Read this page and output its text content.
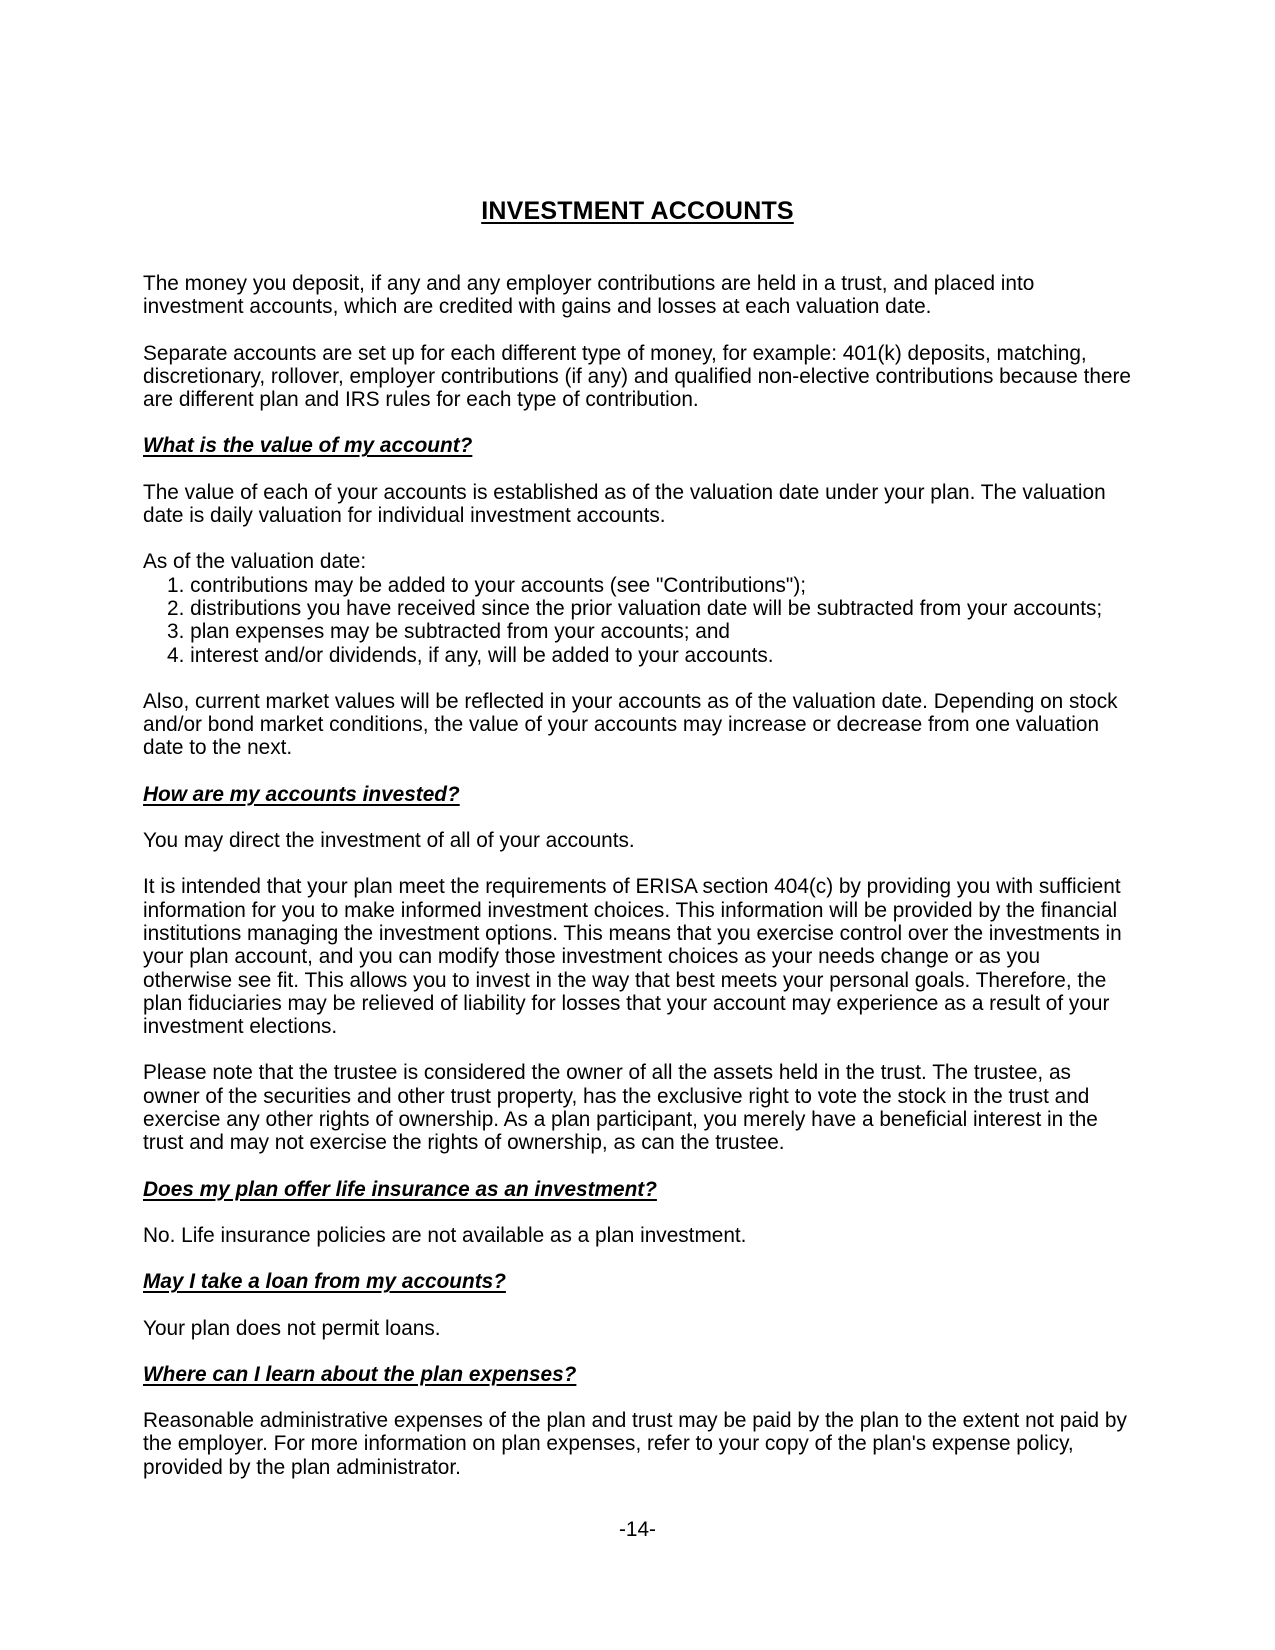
INVESTMENT ACCOUNTS

The money you deposit, if any and any employer contributions are held in a trust, and placed into investment accounts, which are credited with gains and losses at each valuation date.

Separate accounts are set up for each different type of money, for example: 401(k) deposits, matching, discretionary, rollover, employer contributions (if any) and qualified non-elective contributions because there are different plan and IRS rules for each type of contribution.

What is the value of my account?

The value of each of your accounts is established as of the valuation date under your plan. The valuation date is daily valuation for individual investment accounts.

As of the valuation date:

1. contributions may be added to your accounts (see "Contributions");
2. distributions you have received since the prior valuation date will be subtracted from your accounts;
3. plan expenses may be subtracted from your accounts; and
4. interest and/or dividends, if any, will be added to your accounts.

Also, current market values will be reflected in your accounts as of the valuation date. Depending on stock and/or bond market conditions, the value of your accounts may increase or decrease from one valuation date to the next.

How are my accounts invested?

You may direct the investment of all of your accounts.

It is intended that your plan meet the requirements of ERISA section 404(c) by providing you with sufficient information for you to make informed investment choices. This information will be provided by the financial institutions managing the investment options. This means that you exercise control over the investments in your plan account, and you can modify those investment choices as your needs change or as you otherwise see fit. This allows you to invest in the way that best meets your personal goals. Therefore, the plan fiduciaries may be relieved of liability for losses that your account may experience as a result of your investment elections.

Please note that the trustee is considered the owner of all the assets held in the trust. The trustee, as owner of the securities and other trust property, has the exclusive right to vote the stock in the trust and exercise any other rights of ownership. As a plan participant, you merely have a beneficial interest in the trust and may not exercise the rights of ownership, as can the trustee.

Does my plan offer life insurance as an investment?

No. Life insurance policies are not available as a plan investment.

May I take a loan from my accounts?

Your plan does not permit loans.

Where can I learn about the plan expenses?

Reasonable administrative expenses of the plan and trust may be paid by the plan to the extent not paid by the employer. For more information on plan expenses, refer to your copy of the plan's expense policy, provided by the plan administrator.

-14-
